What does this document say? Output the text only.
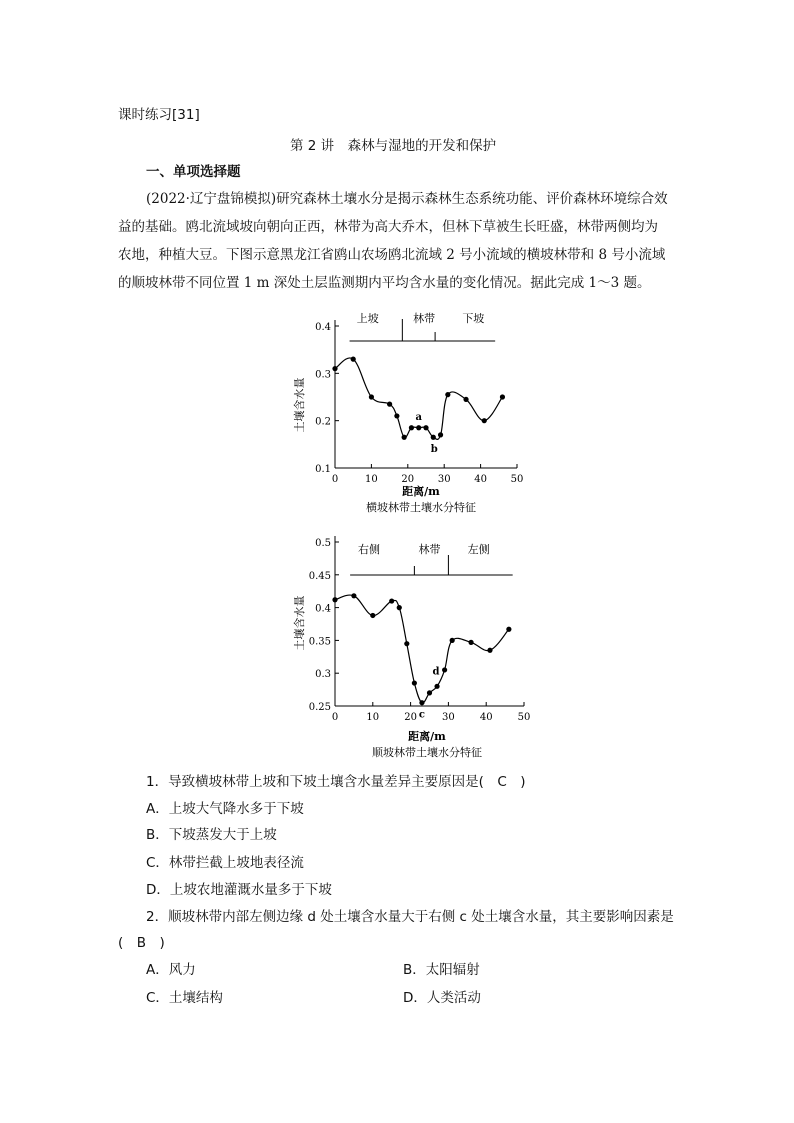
课时练习[31]
第 2 讲　森林与湿地的开发和保护
一、单项选择题
(2022·辽宁盘锦模拟)研究森林土壤水分是揭示森林生态系统功能、评价森林环境综合效
益的基础。鸥北流域坡向朝向正西，林带为高大乔木，但林下草被生长旺盛，林带两侧均为
农地，种植大豆。下图示意黑龙江省鸥山农场鸥北流域 2 号小流域的横坡林带和 8 号小流域
的顺坡林带不同位置 1 m 深处土层监测期内平均含水量的变化情况。据此完成 1～3 题。
土壤含水量
0.4
0.3
0.2
0.1
0	10 20 30 40 50
上坡	林带 下坡
a
b
距离/m
横坡林带土壤水分特征
土壤含水量
0.5
0.45
0.4
0.35
0.3
0.25
0	10	20	30	40	50
右侧	林带 左侧
d
c
距离/m
顺坡林带土壤水分特征
1．导致横坡林带上坡和下坡土壤含水量差异主要原因是(　C　)
A．上坡大气降水多于下坡
B．下坡蒸发大于上坡
C．林带拦截上坡地表径流
D．上坡农地灌溉水量多于下坡
2．顺坡林带内部左侧边缘 d 处土壤含水量大于右侧 c 处土壤含水量，其主要影响因素是
(　B　)
A．风力	B．太阳辐射
C．土壤结构	D．人类活动
